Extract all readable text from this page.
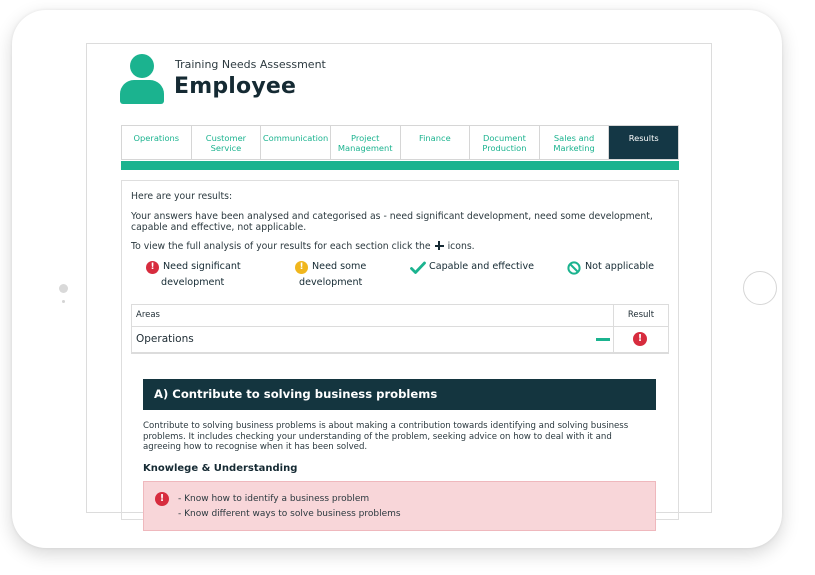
Training Needs Assessment
Employee
Operations	Customer
Service
Communication	Project
Management
Finance	Document
Production
Sales and
Marketing
Results
Here are your results:
Your answers have been analysed and categorised as - need significant development, need some development, capable and effective, not applicable.
To view the full analysis of your results for each section click the icons.
! Need significant
development
! Need some
development
Capable and effective	Not applicable
Areas	Result
Operations	!
A) Contribute to solving business problems
Contribute to solving business problems is about making a contribution towards identifying and solving business problems. It includes checking your understanding of the problem, seeking advice on how to deal with it and agreeing how to recognise when it has been solved.
Knowlege & Understanding
!	- Know how to identify a business problem
- Know different ways to solve business problems
